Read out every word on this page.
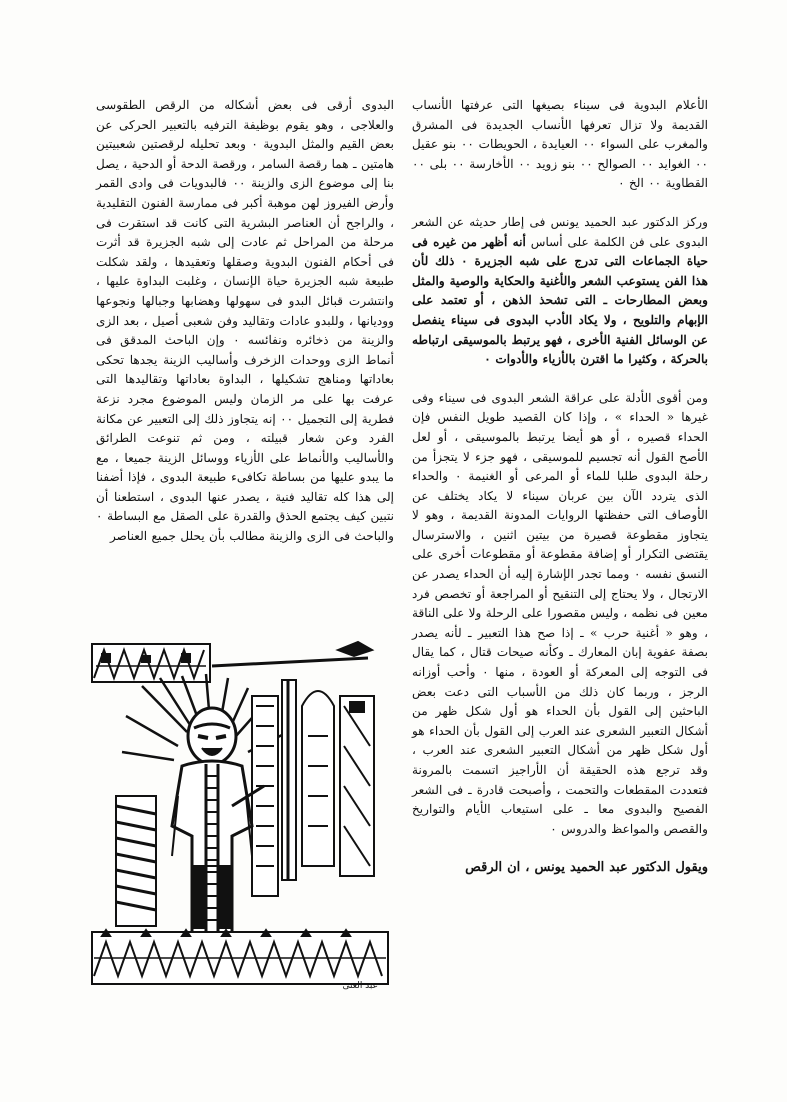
الأعلام البدوية فى سيناء بصيغها التى عرفتها الأنساب القديمة ولا تزال تعرفها الأنساب الجديدة فى المشرق والمغرب على السواء ٠٠ العيايدة ، الحويطات ٠٠ بنو عقيل ٠٠ الغوايد ٠٠ الصوالح ٠٠ بنو زويد ٠٠ الأخارسة ٠٠ بلى ٠٠ القطاوية ٠٠ الخ ٠

وركز الدكتور عبد الحميد يونس فى إطار حديثه عن الشعر البدوى على فن الكلمة على أساس أنه أظهر من غيره فى حياة الجماعات التى تدرج على شبه الجزيرة ٠ ذلك لأن هذا الفن يستوعب الشعر والأغنية والحكاية والوصية والمثل وبعض المطارحات ـ التى تشحذ الذهن ، أو تعتمد على الإبهام والتلويح ، ولا يكاد الأدب البدوى فى سيناء ينفصل عن الوسائل الفنية الأخرى ، فهو يرتبط بالموسيقى ارتباطه بالحركة ، وكثيرا ما اقترن بالأزياء والأدوات ٠

ومن أقوى الأدلة على عراقة الشعر البدوى فى سيناء وفى غيرها « الحداء » ، وإذا كان القصيد طويل النفس فإن الحداء قصيره ، أو هو أيضا يرتبط بالموسيقى ، أو لعل الأصح القول أنه تجسيم للموسيقى ، فهو جزء لا يتجزأ من رحلة البدوى طلبا للماء أو المرعى أو الغنيمة ٠ والحداء الذى يتردد الآن بين عربان سيناء لا يكاد يختلف عن الأوصاف التى حفظتها الروايات المدونة القديمة ، وهو لا يتجاوز مقطوعة قصيرة من بيتين اثنين ، والاسترسال يقتضى التكرار أو إضافة مقطوعة أو مقطوعات أخرى على النسق نفسه ٠ ومما تجدر الإشارة إليه أن الحداء يصدر عن الارتجال ، ولا يحتاج إلى التنقيح أو المراجعة أو تخصص فرد معين فى نظمه ، وليس مقصورا على الرحلة ولا على الناقة ، وهو « أغنية حرب » ـ إذا صح هذا التعبير ـ لأنه يصدر بصفة عفوية إبان المعارك ـ وكأنه صيحات قتال ، كما يقال فى التوجه إلى المعركة أو العودة ، منها ٠ وأحب أوزانه الرجز ، وربما كان ذلك من الأسباب التى دعت بعض الباحثين إلى القول بأن الحداء هو أول شكل ظهر من أشكال التعبير الشعرى عند العرب إلى القول بأن الحداء هو أول شكل ظهر من أشكال التعبير الشعرى عند العرب ، وقد ترجع هذه الحقيقة أن الأراجيز اتسمت بالمرونة فتعددت المقطعات والتحمت ، وأصبحت قادرة ـ فى الشعر الفصيح والبدوى معا ـ على استيعاب الأيام والتواريخ والقصص والمواعظ والدروس ٠

ويقول الدكتور عبد الحميد يونس ، ان الرقص

البدوى أرقى فى بعض أشكاله من الرقص الطقوسى والعلاجى ، وهو يقوم بوظيفة الترفيه بالتعبير الحركى عن بعض القيم والمثل البدوية ٠ وبعد تحليله لرقصتين شعبيتين هامتين ـ هما رقصة السامر ، ورقصة الدحة أو الدحية ، يصل بنا إلى موضوع الزى والزينة ٠٠ فالبدويات فى وادى القمر وأرض الفيروز لهن موهبة أكبر فى ممارسة الفنون التقليدية ، والراجح أن العناصر البشرية التى كانت قد استقرت فى مرحلة من المراحل ثم عادت إلى شبه الجزيرة قد أثرت فى أحكام الفنون البدوية وصقلها وتعقيدها ، ولقد شكلت طبيعة شبه الجزيرة حياة الإنسان ، وغلبت البداوة عليها ، وانتشرت قبائل البدو فى سهولها وهضابها وجبالها ونجوعها ووديانها ، وللبدو عادات وتقاليد وفن شعبى أصيل ، بعد الزى والزينة من ذخائره ونفائسه ٠ وإن الباحث المدقق فى أنماط الزى ووحدات الزخرف وأساليب الزينة يجدها تحكى بعاداتها ومناهج تشكيلها ، البداوة بعاداتها وتقاليدها التى عرفت بها على مر الزمان وليس الموضوع مجرد نزعة فطرية إلى التجميل ٠٠ إنه يتجاوز ذلك إلى التعبير عن مكانة الفرد وعن شعار قبيلته ، ومن ثم تنوعت الطرائق والأساليب والأنماط على الأزياء ووسائل الزينة جميعا ، مع ما يبدو عليها من بساطة تكافىء طبيعة البدوى ، فإذا أضفنا إلى هذا كله تقاليد فنية ، يصدر عنها البدوى ، استطعنا أن نتبين كيف يجتمع الحذق والقدرة على الصقل مع البساطة ٠ والباحث فى الزى والزينة مطالب بأن يحلل جميع العناصر

عبد الغنى
